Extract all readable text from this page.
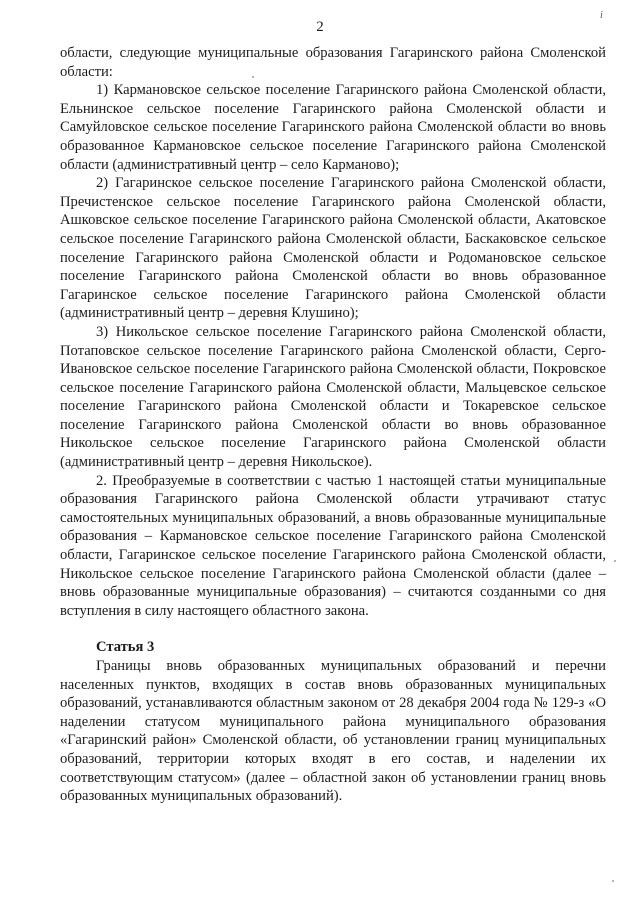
2
і

области, следующие муниципальные образования Гагаринского района Смоленской области:

1) Кармановское сельское поселение Гагаринского района Смоленской области, Ельнинское сельское поселение Гагаринского района Смоленской области и Самуйловское сельское поселение Гагаринского района Смоленской области во вновь образованное Кармановское сельское поселение Гагаринского района Смоленской области (административный центр – село Карманово);

2) Гагаринское сельское поселение Гагаринского района Смоленской области, Пречистенское сельское поселение Гагаринского района Смоленской области, Ашковское сельское поселение Гагаринского района Смоленской области, Акатовское сельское поселение Гагаринского района Смоленской области, Баскаковское сельское поселение Гагаринского района Смоленской области и Родомановское сельское поселение Гагаринского района Смоленской области во вновь образованное Гагаринское сельское поселение Гагаринского района Смоленской области (административный центр – деревня Клушино);

3) Никольское сельское поселение Гагаринского района Смоленской области, Потаповское сельское поселение Гагаринского района Смоленской области, Серго-Ивановское сельское поселение Гагаринского района Смоленской области, Покровское сельское поселение Гагаринского района Смоленской области, Мальцевское сельское поселение Гагаринского района Смоленской области и Токаревское сельское поселение Гагаринского района Смоленской области во вновь образованное Никольское сельское поселение Гагаринского района Смоленской области (административный центр – деревня Никольское).

2. Преобразуемые в соответствии с частью 1 настоящей статьи муниципальные образования Гагаринского района Смоленской области утрачивают статус самостоятельных муниципальных образований, а вновь образованные муниципальные образования – Кармановское сельское поселение Гагаринского района Смоленской области, Гагаринское сельское поселение Гагаринского района Смоленской области, Никольское сельское поселение Гагаринского района Смоленской области (далее – вновь образованные муниципальные образования) – считаются созданными со дня вступления в силу настоящего областного закона.

Статья 3

Границы вновь образованных муниципальных образований и перечни населенных пунктов, входящих в состав вновь образованных муниципальных образований, устанавливаются областным законом от 28 декабря 2004 года № 129-з «О наделении статусом муниципального района муниципального образования «Гагаринский район» Смоленской области, об установлении границ муниципальных образований, территории которых входят в его состав, и наделении их соответствующим статусом» (далее – областной закон об установлении границ вновь образованных муниципальных образований).
